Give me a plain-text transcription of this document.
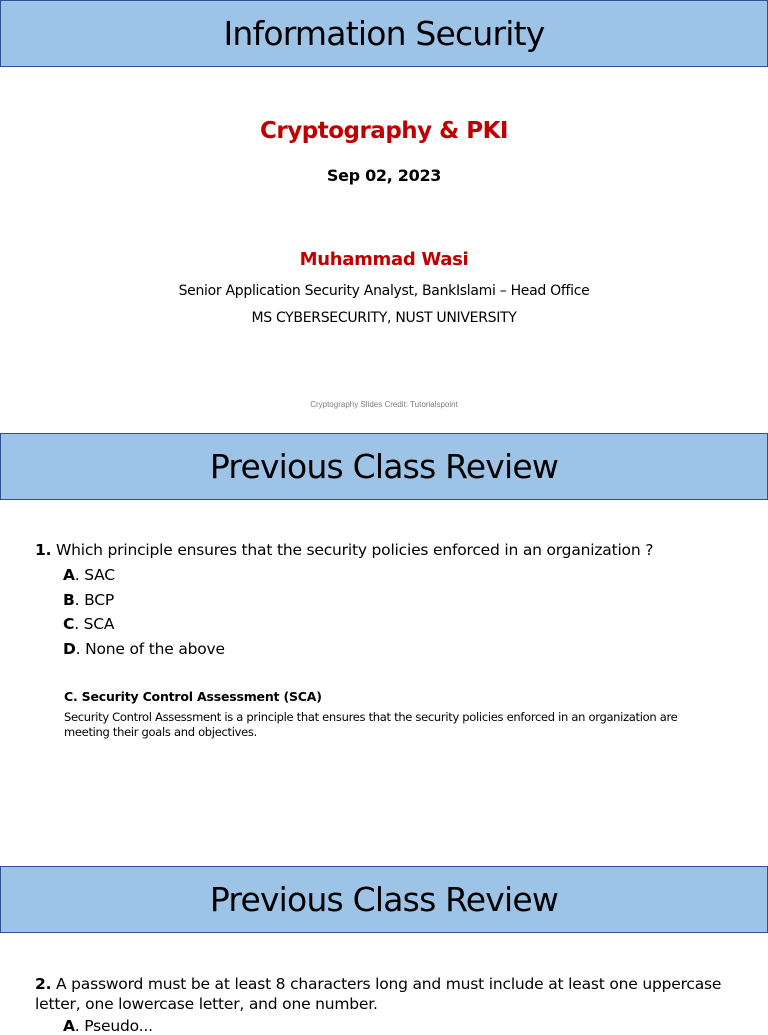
Information Security
Cryptography & PKI
Sep 02, 2023
Muhammad Wasi
Senior Application Security Analyst, BankIslami – Head Office
MS CYBERSECURITY, NUST UNIVERSITY
Cryptography Slides Credit: Tutorialspoint
Previous Class Review
1. Which principle ensures that the security policies enforced in an organization ?
A. SAC
B. BCP
C. SCA
D. None of the above
C. Security Control Assessment (SCA)
Security Control Assessment is a principle that ensures that the security policies enforced in an organization are
meeting their goals and objectives.
Previous Class Review
2. A password must be at least 8 characters long and must include at least one uppercase
letter, one lowercase letter, and one number.
A. Pseudo...
